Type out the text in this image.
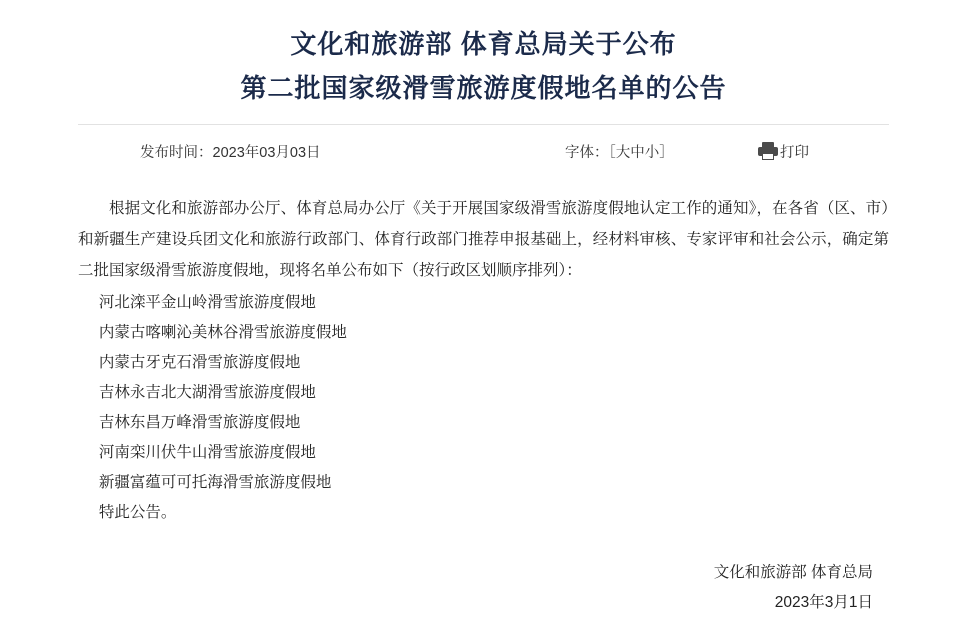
文化和旅游部 体育总局关于公布
第二批国家级滑雪旅游度假地名单的公告
发布时间：2023年03月03日	字体：［大中小］	打印

根据文化和旅游部办公厅、体育总局办公厅《关于开展国家级滑雪旅游度假地认定工作的通知》，在各省（区、市）和新疆生产建设兵团文化和旅游行政部门、体育行政部门推荐申报基础上，经材料审核、专家评审和社会公示，确定第二批国家级滑雪旅游度假地，现将名单公布如下（按行政区划顺序排列）：

河北滦平金山岭滑雪旅游度假地

内蒙古喀喇沁美林谷滑雪旅游度假地

内蒙古牙克石滑雪旅游度假地

吉林永吉北大湖滑雪旅游度假地

吉林东昌万峰滑雪旅游度假地

河南栾川伏牛山滑雪旅游度假地

新疆富蕴可可托海滑雪旅游度假地

特此公告。

文化和旅游部 体育总局
2023年3月1日
